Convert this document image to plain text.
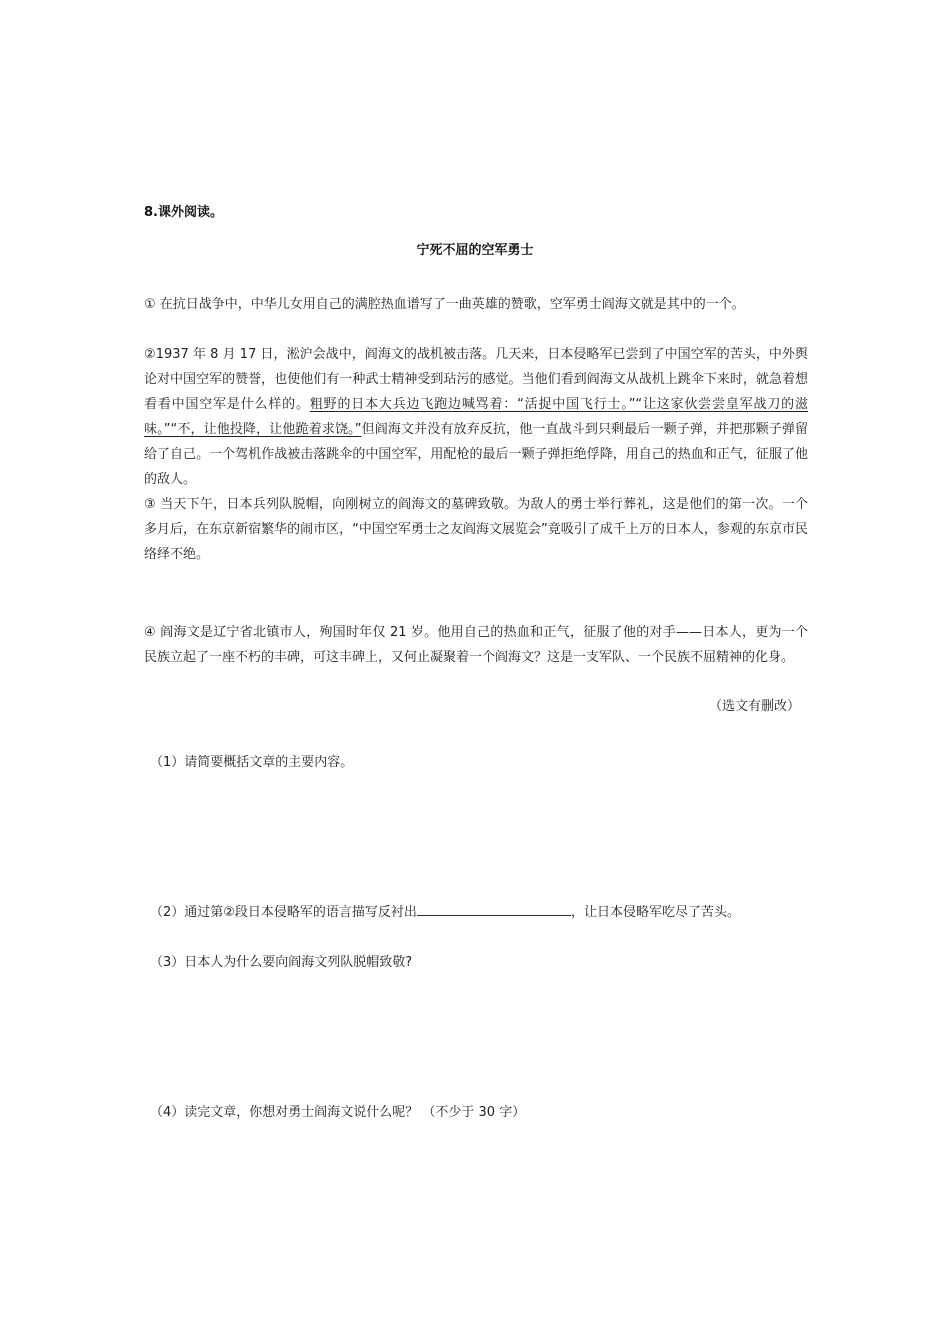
8.课外阅读。
宁死不屈的空军勇士
① 在抗日战争中，中华儿女用自己的满腔热血谱写了一曲英雄的赞歌，空军勇士阎海文就是其中的一个。
②1937 年 8 月 17 日，淞沪会战中，阎海文的战机被击落。几天来，日本侵略军已尝到了中国空军的苦头，中外舆论对中国空军的赞誉，也使他们有一种武士精神受到玷污的感觉。当他们看到阎海文从战机上跳伞下来时，就急着想看看中国空军是什么样的。粗野的日本大兵边飞跑边喊骂着：“活捉中国飞行士。”“让这家伙尝尝皇军战刀的滋味。”“不，让他投降，让他跪着求饶。”但阎海文并没有放弃反抗，他一直战斗到只剩最后一颗子弹，并把那颗子弹留给了自己。一个驾机作战被击落跳伞的中国空军，用配枪的最后一颗子弹拒绝俘降，用自己的热血和正气，征服了他的敌人。
③ 当天下午，日本兵列队脱帽，向刚树立的阎海文的墓碑致敬。为敌人的勇士举行葬礼，这是他们的第一次。一个多月后，在东京新宿繁华的闹市区，“中国空军勇士之友阎海文展览会”竟吸引了成千上万的日本人，参观的东京市民络绎不绝。
④ 阎海文是辽宁省北镇市人，殉国时年仅 21 岁。他用自己的热血和正气，征服了他的对手——日本人，更为一个民族立起了一座不朽的丰碑，可这丰碑上，又何止凝聚着一个阎海文？这是一支军队、一个民族不屈精神的化身。
（选文有删改）
（1）请简要概括文章的主要内容。
（2）通过第②段日本侵略军的语言描写反衬出	，让日本侵略军吃尽了苦头。
（3）日本人为什么要向阎海文列队脱帽致敬?
（4）读完文章，你想对勇士阎海文说什么呢？ （不少于 30 字）
